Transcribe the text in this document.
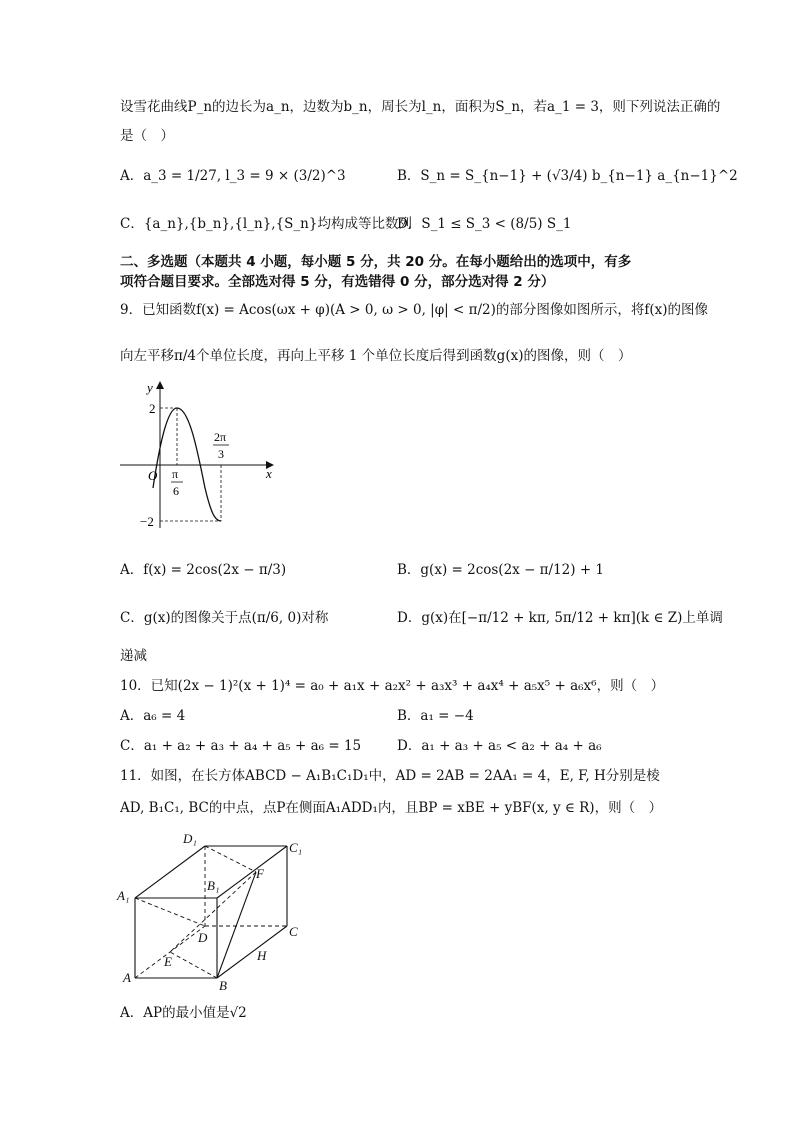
设雪花曲线P_n的边长为a_n，边数为b_n，周长为l_n，面积为S_n，若a_1 = 3，则下列说法正确的
是（　）
A．a_3 = 1/27, l_3 = 9 × (3/2)^3	B．S_n = S_{n−1} + (√3/4) b_{n−1} a_{n−1}^2
C．{a_n},{b_n},{l_n},{S_n}均构成等比数列
D．S_1 ≤ S_3 < (8/5) S_1
二、多选题（本题共 4 小题，每小题 5 分，共 20 分。在每小题给出的选项中，有多
项符合题目要求。全部选对得 5 分，有选错得 0 分，部分选对得 2 分）
9．已知函数f(x) = Acos(ωx + φ)(A > 0, ω > 0, |φ| < π/2)的部分图像如图所示，将f(x)的图像
向左平移π/4个单位长度，再向上平移 1 个单位长度后得到函数g(x)的图像，则（　）
y
x
O
2
−2
π
6
2π
3
A．f(x) = 2cos(2x − π/3)	B．g(x) = 2cos(2x − π/12) + 1
C．g(x)的图像关于点(π/6, 0)对称	D．g(x)在[−π/12 + kπ, 5π/12 + kπ](k ∈ Z)上单调
递减
10．已知(2x − 1)²(x + 1)⁴ = a₀ + a₁x + a₂x² + a₃x³ + a₄x⁴ + a₅x⁵ + a₆x⁶，则（　）
A．a₆ = 4	B．a₁ = −4
C．a₁ + a₂ + a₃ + a₄ + a₅ + a₆ = 15	D．a₁ + a₃ + a₅ < a₂ + a₄ + a₆
11．如图，在长方体ABCD − A₁B₁C₁D₁中，AD = 2AB = 2AA₁ = 4，E, F, H分别是棱
AD, B₁C₁, BC的中点，点P在侧面A₁ADD₁内，且BP = xBE + yBF(x, y ∈ R)，则（　）
D₁
C₁
A₁
B₁
F
D	C
E	H
A
B
A．AP的最小值是√2
